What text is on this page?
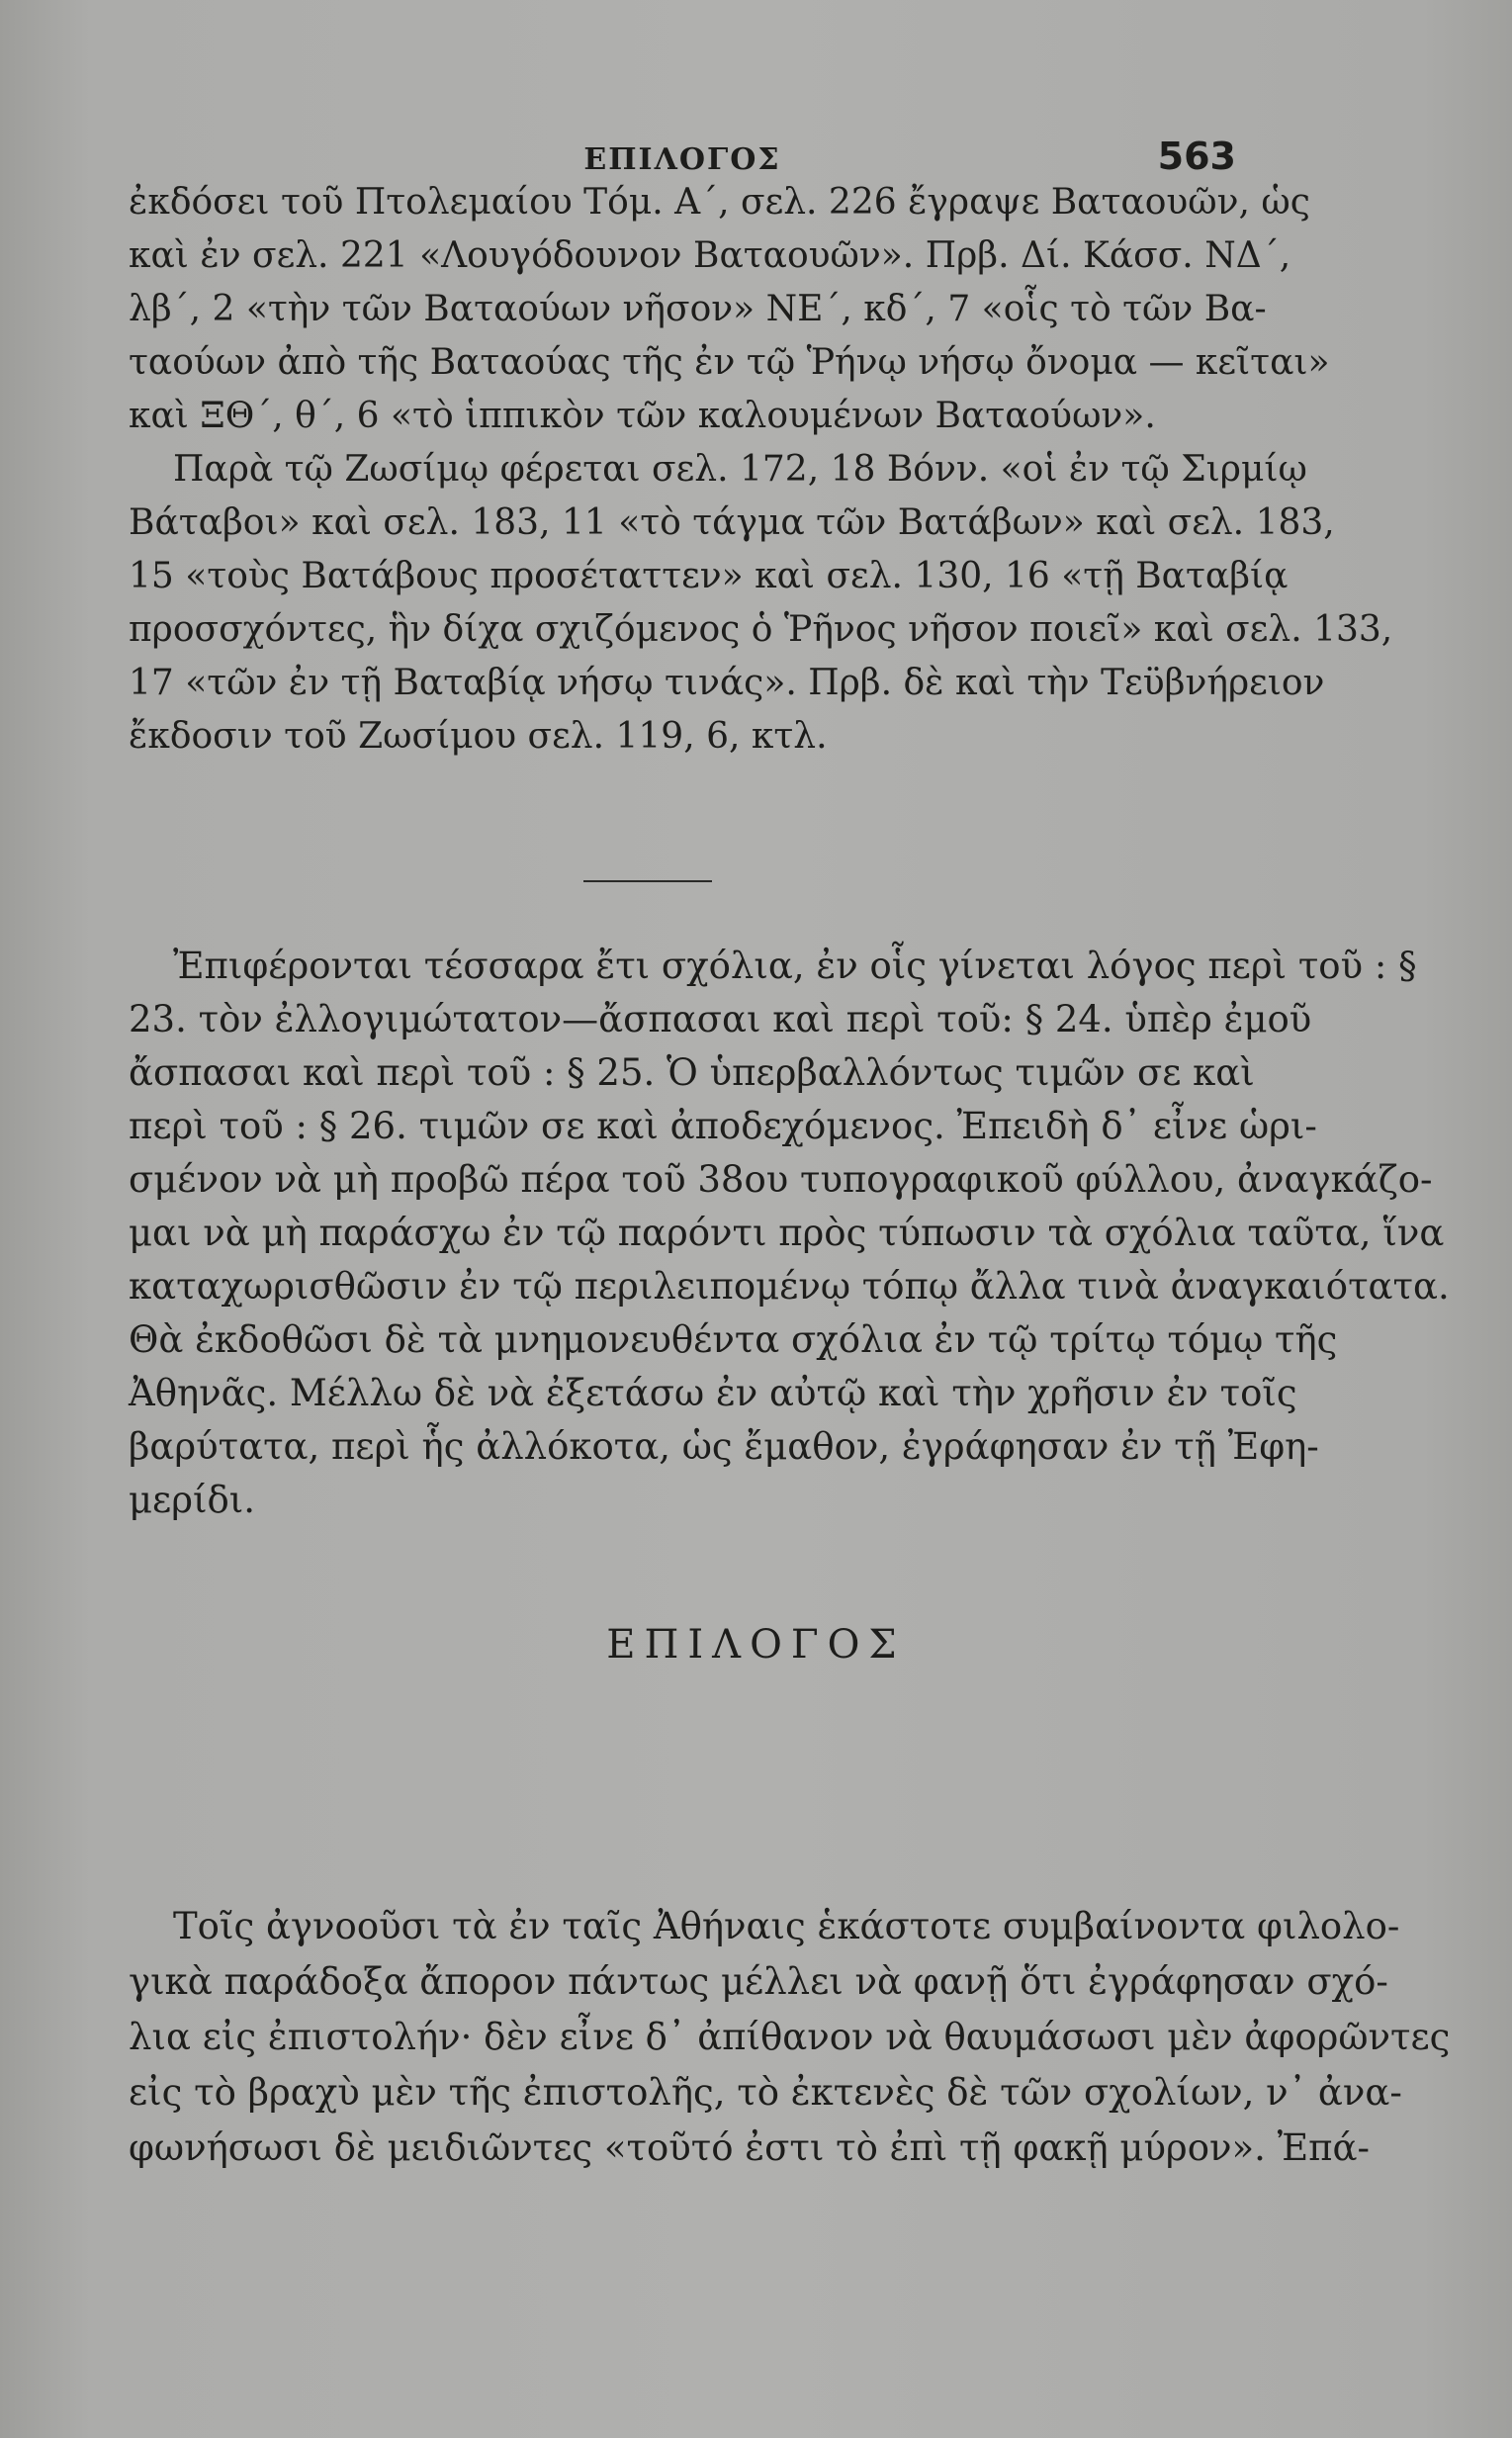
ΕΠΙΛΟΓΟΣ	563
ἐκδόσει τοῦ Πτολεμαίου Τόμ. Α΄, σελ. 226 ἔγραψε Βαταουῶν, ὡς
καὶ ἐν σελ. 221 «Λουγόδουνον Βαταουῶν». Πρβ. Δί. Κάσσ. ΝΔ΄,
λβ΄, 2 «τὴν τῶν Βαταούων νῆσον» ΝΕ΄, κδ΄, 7 «οἷς τὸ τῶν Βα-
ταούων ἀπὸ τῆς Βαταούας τῆς ἐν τῷ Ῥήνῳ νήσῳ ὄνομα — κεῖται»
καὶ ΞΘ΄, θ΄, 6 «τὸ ἱππικὸν τῶν καλουμένων Βαταούων».
Παρὰ τῷ Ζωσίμῳ φέρεται σελ. 172, 18 Βόνν. «οἱ ἐν τῷ Σιρμίῳ
Βάταβοι» καὶ σελ. 183, 11 «τὸ τάγμα τῶν Βατάβων» καὶ σελ. 183,
15 «τοὺς Βατάβους προσέταττεν» καὶ σελ. 130, 16 «τῇ Βαταβίᾳ
προσσχόντες, ἣν δίχα σχιζόμενος ὁ Ῥῆνος νῆσον ποιεῖ» καὶ σελ. 133,
17 «τῶν ἐν τῇ Βαταβίᾳ νήσῳ τινάς». Πρβ. δὲ καὶ τὴν Τεϋβνήρειον
ἔκδοσιν τοῦ Ζωσίμου σελ. 119, 6, κτλ.
Ἐπιφέρονται τέσσαρα ἔτι σχόλια, ἐν οἷς γίνεται λόγος περὶ τοῦ : §
23. τὸν ἐλλογιμώτατον—ἄσπασαι καὶ περὶ τοῦ: § 24. ὑπὲρ ἐμοῦ
ἄσπασαι καὶ περὶ τοῦ : § 25. Ὁ ὑπερβαλλόντως τιμῶν σε καὶ
περὶ τοῦ : § 26. τιμῶν σε καὶ ἀποδεχόμενος. Ἐπειδὴ δ᾽ εἶνε ὡρι-
σμένον νὰ μὴ προβῶ πέρα τοῦ 38ου τυπογραφικοῦ φύλλου, ἀναγκάζο-
μαι νὰ μὴ παράσχω ἐν τῷ παρόντι πρὸς τύπωσιν τὰ σχόλια ταῦτα, ἵνα
καταχωρισθῶσιν ἐν τῷ περιλειπομένῳ τόπῳ ἄλλα τινὰ ἀναγκαιότατα.
Θὰ ἐκδοθῶσι δὲ τὰ μνημονευθέντα σχόλια ἐν τῷ τρίτῳ τόμῳ τῆς
Ἀθηνᾶς. Μέλλω δὲ νὰ ἐξετάσω ἐν αὐτῷ καὶ τὴν χρῆσιν ἐν τοῖς
βαρύτατα, περὶ ἧς ἀλλόκοτα, ὡς ἔμαθον, ἐγράφησαν ἐν τῇ Ἐφη-
μερίδι.
ΕΠΙΛΟΓΟΣ
Τοῖς ἀγνοοῦσι τὰ ἐν ταῖς Ἀθήναις ἑκάστοτε συμβαίνοντα φιλολο-
γικὰ παράδοξα ἄπορον πάντως μέλλει νὰ φανῇ ὅτι ἐγράφησαν σχό-
λια εἰς ἐπιστολήν· δὲν εἶνε δ᾽ ἀπίθανον νὰ θαυμάσωσι μὲν ἀφορῶντες
εἰς τὸ βραχὺ μὲν τῆς ἐπιστολῆς, τὸ ἐκτενὲς δὲ τῶν σχολίων, ν᾽ ἀνα-
φωνήσωσι δὲ μειδιῶντες «τοῦτό ἐστι τὸ ἐπὶ τῇ φακῇ μύρον». Ἐπά-
